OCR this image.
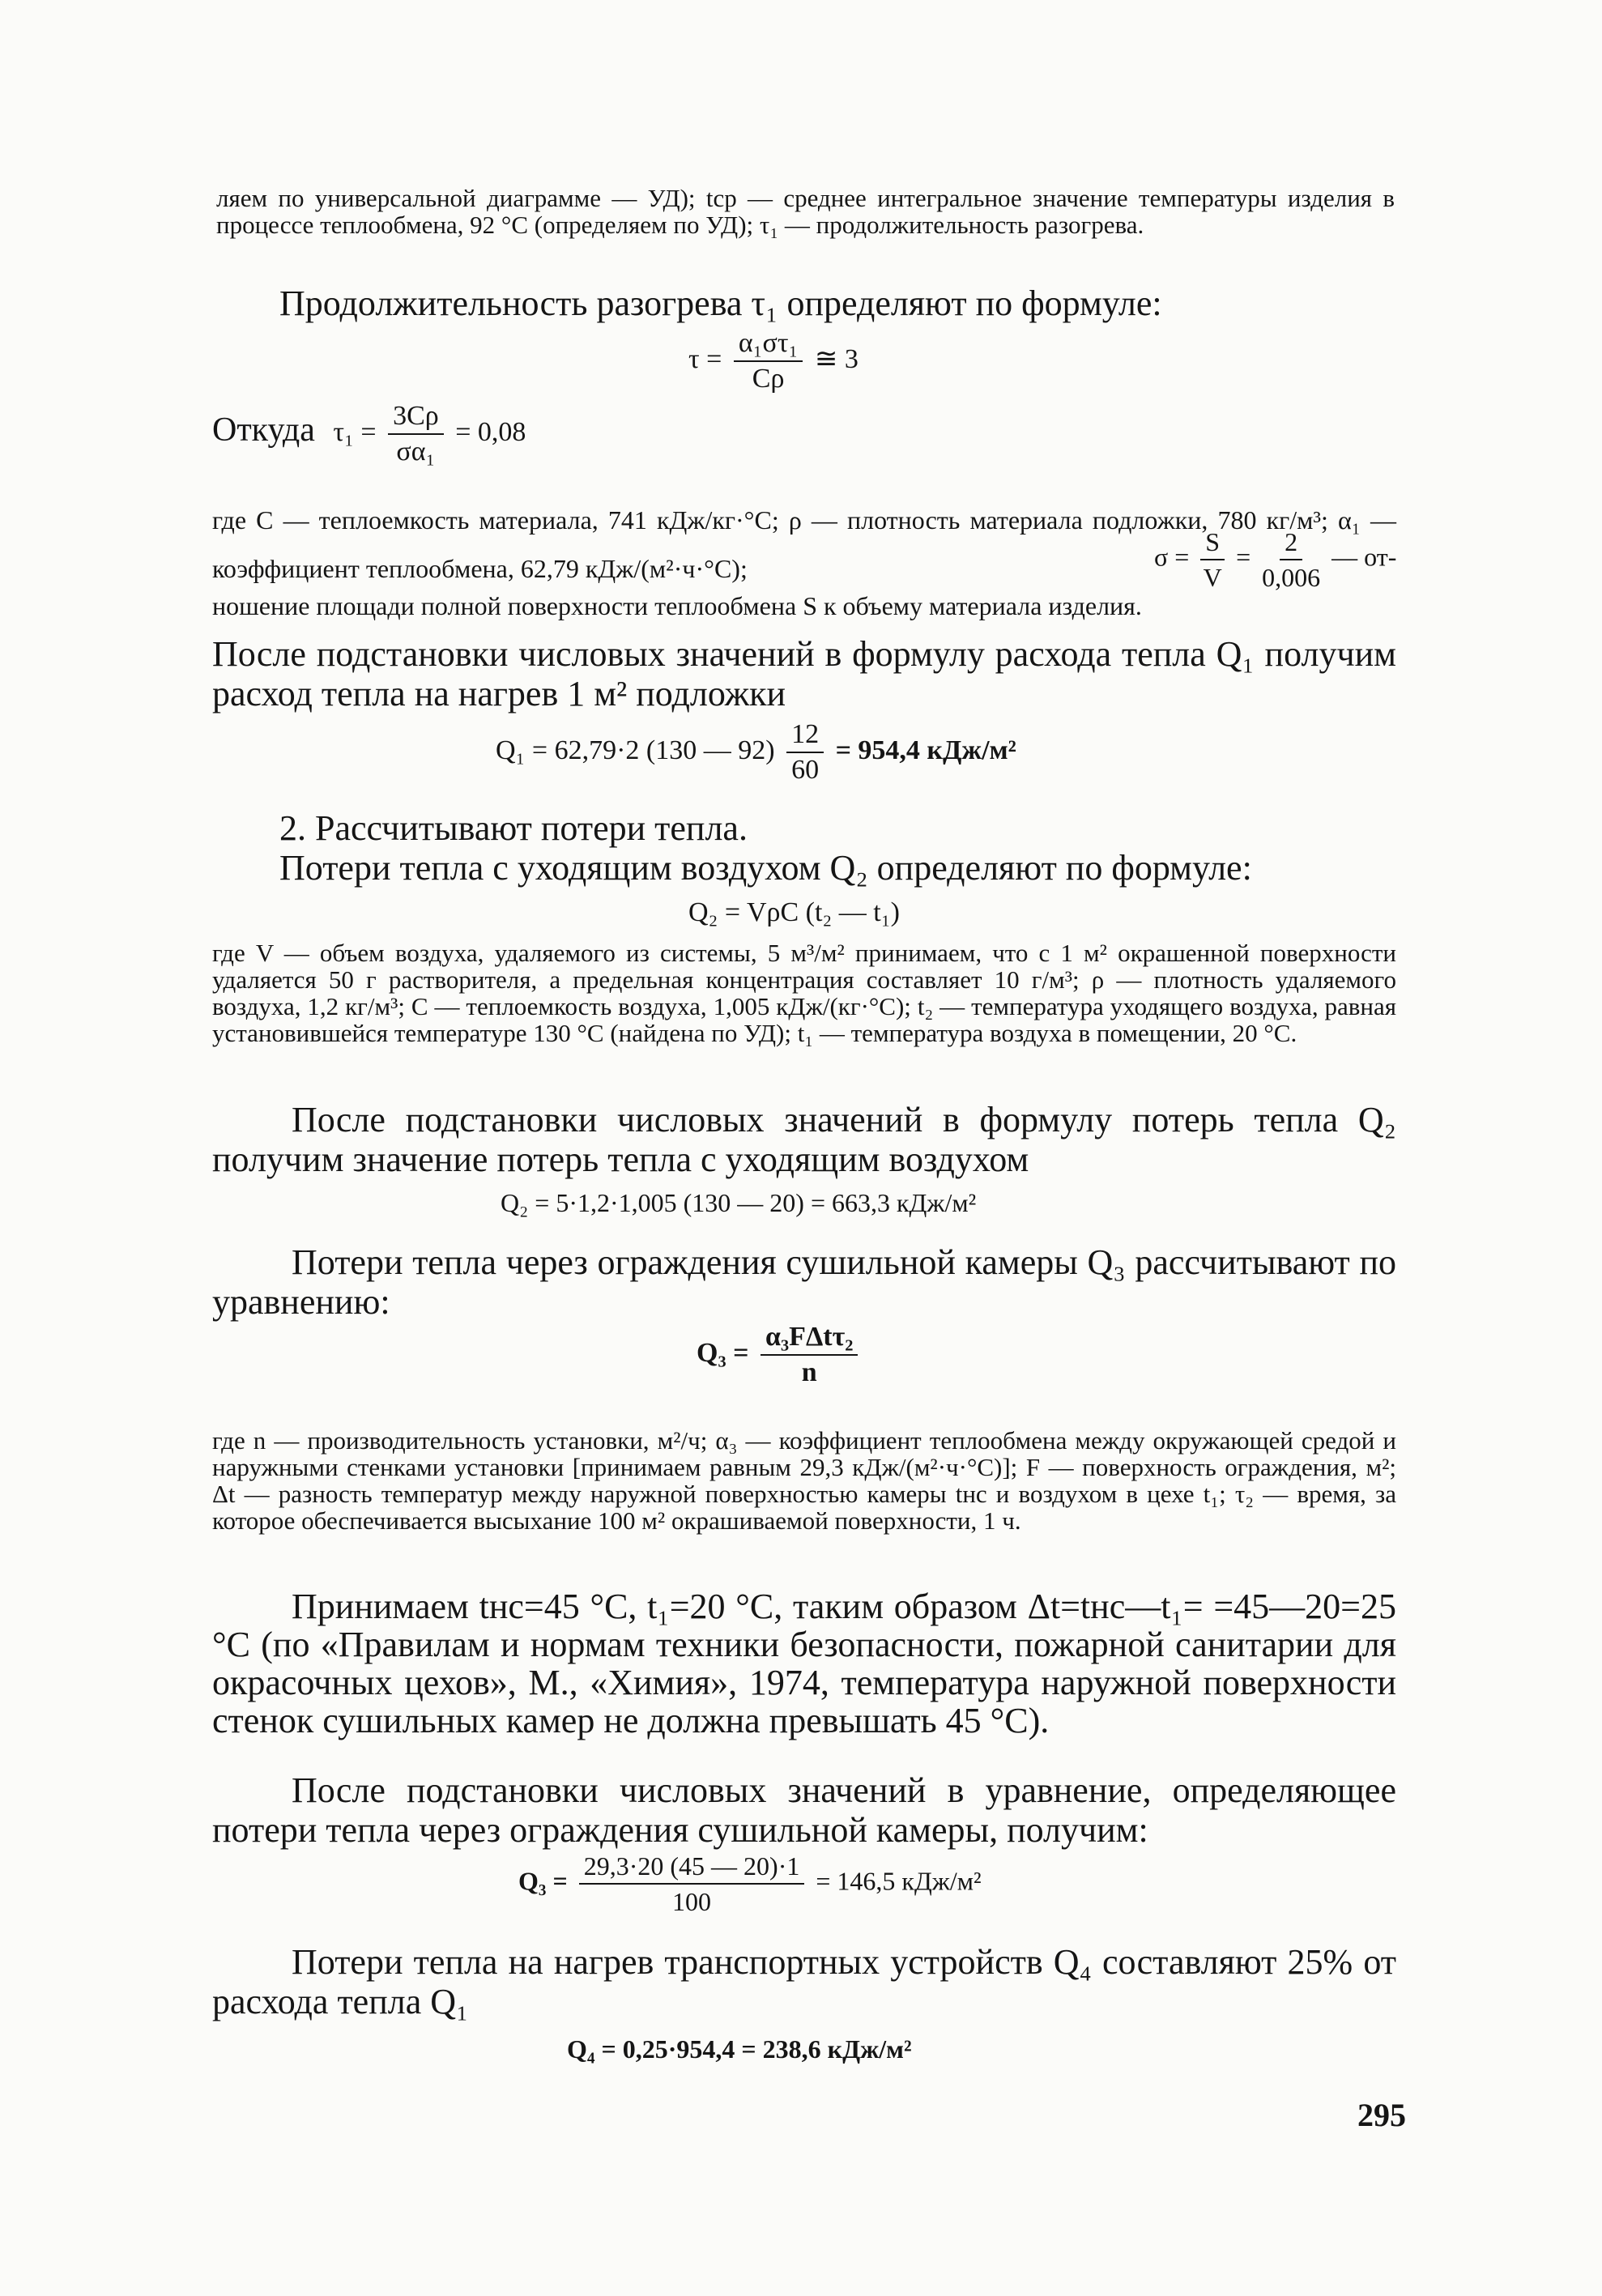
ляем по универсальной диаграмме — УД); tср — среднее интегральное значение температуры изделия в процессе теплообмена, 92 °С (определяем по УД); τ₁ — продолжительность разогрева.

Продолжительность разогрева τ₁ определяют по формуле:

$\tau = \frac{\text{α₁στ₁}}{C\rho}$ ≅ 3
Откуда $\tau_1 = \frac{3C\rho}{\text{σα₁}} = 0,08$

где C — теплоемкость материала, 741 кДж/кг·°С; ρ — плотность материала подложки, 780 кг/м³; α₁ — коэффициент теплообмена, 62,79 кДж/(м²·ч·°С);	$\sigma = \frac{S}{V} = \frac{2}{0,006}$ — от-

ношение площади полной поверхности теплообмена S к объему материала изделия.

После подстановки числовых значений в формулу расхода тепла Q₁ получим расход тепла на нагрев 1 м² подложки

Q₁ = 62,79·2 (130 — $92) \frac{12}{60} = 954,4$ кДж/м²

2. Рассчитывают потери тепла.

Потери тепла с уходящим воздухом Q₂ определяют по формуле:

Q₂ = VρC (t₂ — t₁)

где V — объем воздуха, удаляемого из системы, 5 м³/м² принимаем, что с 1 м² окрашенной поверхности удаляется 50 г растворителя, а предельная концентрация составляет 10 г/м³; ρ — плотность удаляемого воздуха, 1,2 кг/м³; C — теплоемкость воздуха, 1,005 кДж/(кг·°С); t₂ — температура уходящего воздуха, равная установившейся температуре 130 °С (найдена по УД); t₁ — температура воздуха в помещении, 20 °С.

После подстановки числовых значений в формулу потерь тепла Q₂ получим значение потерь тепла с уходящим воздухом

Q₂ = 5·1,2·1,005 (130 — 20) = 663,3 кДж/м²

Потери тепла через ограждения сушильной камеры Q₃ рассчитывают по уравнению:

$Q_3 = \frac{\text{α₃FΔtτ₂}}{n}$

где n — производительность установки, м²/ч; α₃ — коэффициент теплообмена между окружающей средой и наружными стенками установки [принимаем равным 29,3 кДж/(м²·ч·°С)]; F — поверхность ограждения, м²; Δt — разность температур между наружной поверхностью камеры tнс и воздухом в цехе t₁; τ₂ — время, за которое обеспечивается высыхание 100 м² окрашиваемой поверхности, 1 ч.

Принимаем tнс=45 °С, t₁=20 °С, таким образом Δt=tнс—t₁= =45—20=25 °С (по «Правилам и нормам техники безопасности, пожарной санитарии для окрасочных цехов», М., «Химия», 1974, температура наружной поверхности стенок сушильных камер не должна превышать 45 °С).

После подстановки числовых значений в уравнение, определяющее потери тепла через ограждения сушильной камеры, получим:

$Q_3 = \frac{29,3\cdot 20 (45 — 20)\cdot 1}{100} = 146,5$ кДж/м²

Потери тепла на нагрев транспортных устройств Q₄ составляют 25% от расхода тепла Q₁

Q₄ = 0,25·954,4 = 238,6 кДж/м²
295
